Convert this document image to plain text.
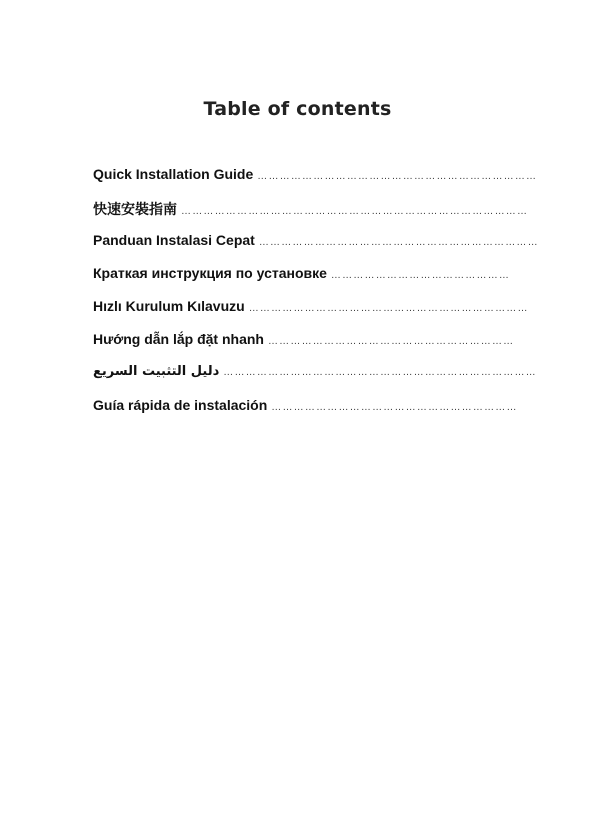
Table of contents
Quick Installation Guide …………………………………………………………………
快速安裝指南 …………………………………………………………………………………
Panduan Instalasi Cepat …………………………………………………………………
Краткая инструкция по установке …………………………………………
Hızlı Kurulum Kılavuzu …………………………………………………………………
Hướng dẫn lắp đặt nhanh …………………………………………………………
دليل التثبيت السريع …………………………………………………………………………
Guía rápida de instalación …………………………………………………………
